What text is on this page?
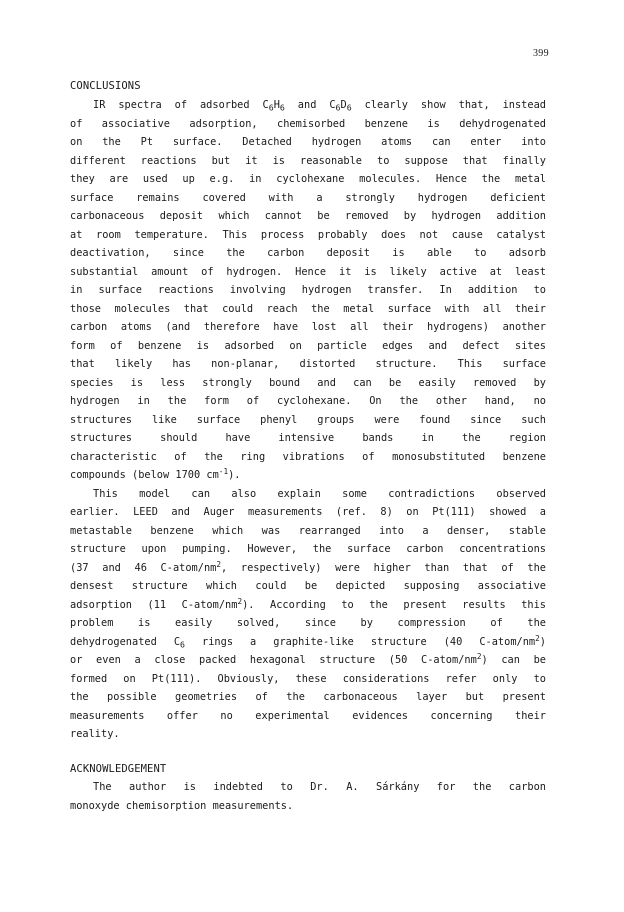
399
CONCLUSIONS
IR spectra of adsorbed $C_6H_6$ and $C_6D_6$ clearly show that, instead
of associative adsorption, chemisorbed benzene is dehydrogenated
on the Pt surface. Detached hydrogen atoms can enter into
different reactions but it is reasonable to suppose that finally
they are used up e.g. in cyclohexane molecules. Hence the metal
surface remains covered with a strongly hydrogen deficient
carbonaceous deposit which cannot be removed by hydrogen addition
at room temperature. This process probably does not cause catalyst
deactivation, since the carbon deposit is able to adsorb
substantial amount of hydrogen. Hence it is likely active at least
in surface reactions involving hydrogen transfer. In addition to
those molecules that could reach the metal surface with all their
carbon atoms (and therefore have lost all their hydrogens) another
form of benzene is adsorbed on particle edges and defect sites
that likely has non-planar, distorted structure. This surface
species is less strongly bound and can be easily removed by
hydrogen in the form of cyclohexane. On the other hand, no
structures like surface phenyl groups were found since such
structures should have intensive bands in the region
characteristic of the ring vibrations of monosubstituted benzene
compounds (below 1700 $cm^{-1}$).
This model can also explain some contradictions observed
earlier. LEED and Auger measurements (ref. 8) on Pt(111) showed a
metastable benzene which was rearranged into a denser, stable
structure upon pumping. However, the surface carbon concentrations
(37 and 46 $C-atom/nm^2$, respectively) were higher than that of the
densest structure which could be depicted supposing associative
adsorption (11 $C-atom/nm^2$). According to the present results this
problem is easily solved, since by compression of the
dehydrogenated $C_6$ rings a graphite-like structure (40 $C-atom/nm^2$)
or even a close packed hexagonal structure (50 $C-atom/nm^2$) can be
formed on Pt(111). Obviously, these considerations refer only to
the possible geometries of the carbonaceous layer but present
measurements offer no experimental evidences concerning their
reality.
ACKNOWLEDGEMENT
The author is indebted to Dr. A. Sárkány for the carbon
monoxyde chemisorption measurements.
